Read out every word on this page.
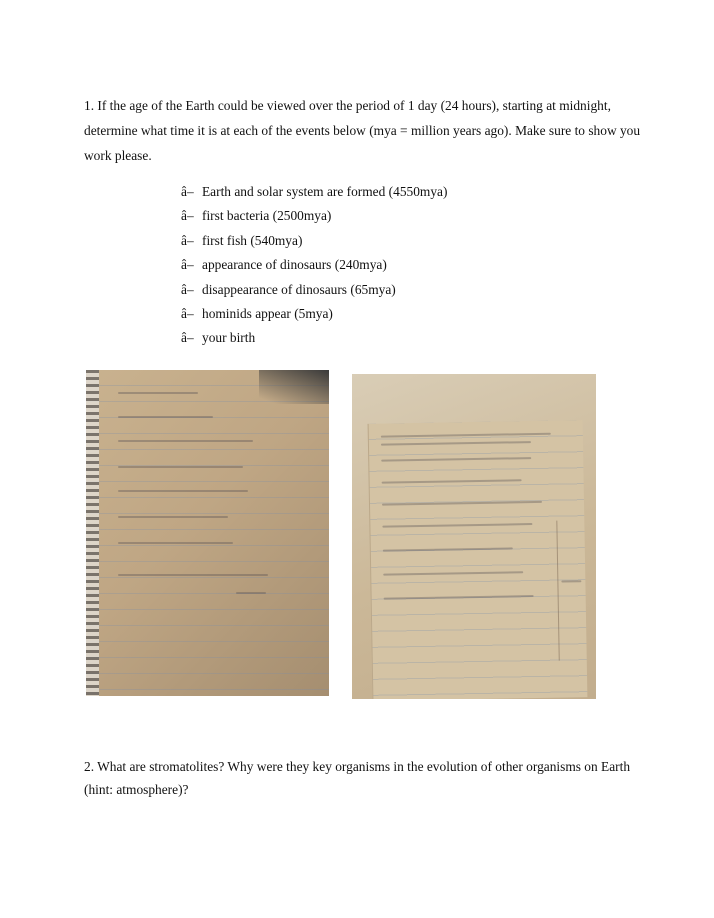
1. If the age of the Earth could be viewed over the period of 1 day (24 hours), starting at midnight, determine what time it is at each of the events below (mya = million years ago). Make sure to show you work please.

â– Earth and solar system are formed (4550mya)
â– first bacteria (2500mya)
â– first fish (540mya)
â– appearance of dinosaurs (240mya)
â– disappearance of dinosaurs (65mya)
â– hominids appear (5mya)
â– your birth

2. What are stromatolites? Why were they key organisms in the evolution of other organisms on Earth (hint: atmosphere)?
